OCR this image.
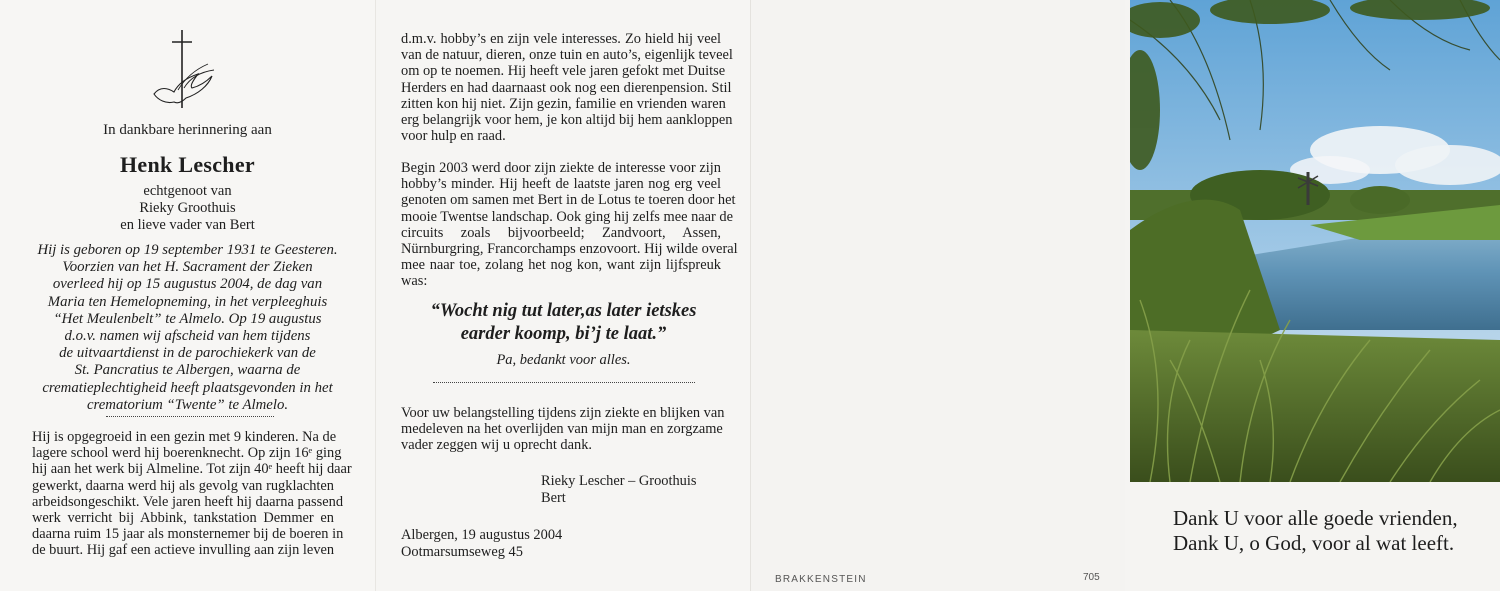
In dankbare herinnering aan
Henk Lescher
echtgenoot van
Rieky Groothuis
en lieve vader van Bert
Hij is geboren op 19 september 1931 te Geesteren.
Voorzien van het H. Sacrament der Zieken
overleed hij op 15 augustus 2004, de dag van
Maria ten Hemelopneming, in het verpleeghuis
“Het Meulenbelt” te Almelo. Op 19 augustus
d.o.v. namen wij afscheid van hem tijdens
de uitvaartdienst in de parochiekerk van de
St. Pancratius te Albergen, waarna de
crematieplechtigheid heeft plaatsgevonden in het
crematorium “Twente” te Almelo.
Hij is opgegroeid in een gezin met 9 kinderen. Na de
lagere school werd hij boerenknecht. Op zijn 16ᵉ ging
hij aan het werk bij Almeline. Tot zijn 40ᵉ heeft hij daar
gewerkt, daarna werd hij als gevolg van rugklachten
arbeidsongeschikt. Vele jaren heeft hij daarna passend
werk verricht bij Abbink, tankstation Demmer en
daarna ruim 15 jaar als monsternemer bij de boeren in
de buurt. Hij gaf een actieve invulling aan zijn leven
d.m.v. hobby’s en zijn vele interesses. Zo hield hij veel
van de natuur, dieren, onze tuin en auto’s, eigenlijk teveel
om op te noemen. Hij heeft vele jaren gefokt met Duitse
Herders en had daarnaast ook nog een dierenpension. Stil
zitten kon hij niet. Zijn gezin, familie en vrienden waren
erg belangrijk voor hem, je kon altijd bij hem aankloppen
voor hulp en raad.
Begin 2003 werd door zijn ziekte de interesse voor zijn
hobby’s minder. Hij heeft de laatste jaren nog erg veel
genoten om samen met Bert in de Lotus te toeren door het
mooie Twentse landschap. Ook ging hij zelfs mee naar de
circuits zoals bijvoorbeeld; Zandvoort, Assen,
Nürnburgring, Francorchamps enzovoort. Hij wilde overal
mee naar toe, zolang het nog kon, want zijn lijfspreuk
was:
“Wocht nig tut later,as later ietskes
earder koomp, bi’j te laat.”
Pa, bedankt voor alles.
Voor uw belangstelling tijdens zijn ziekte en blijken van
medeleven na het overlijden van mijn man en zorgzame
vader zeggen wij u oprecht dank.
Rieky Lescher – Groothuis
Bert
Albergen, 19 augustus 2004
Ootmarsumseweg 45
BRAKKENSTEIN	705
Dank U voor alle goede vrienden,
Dank U, o God, voor al wat leeft.
